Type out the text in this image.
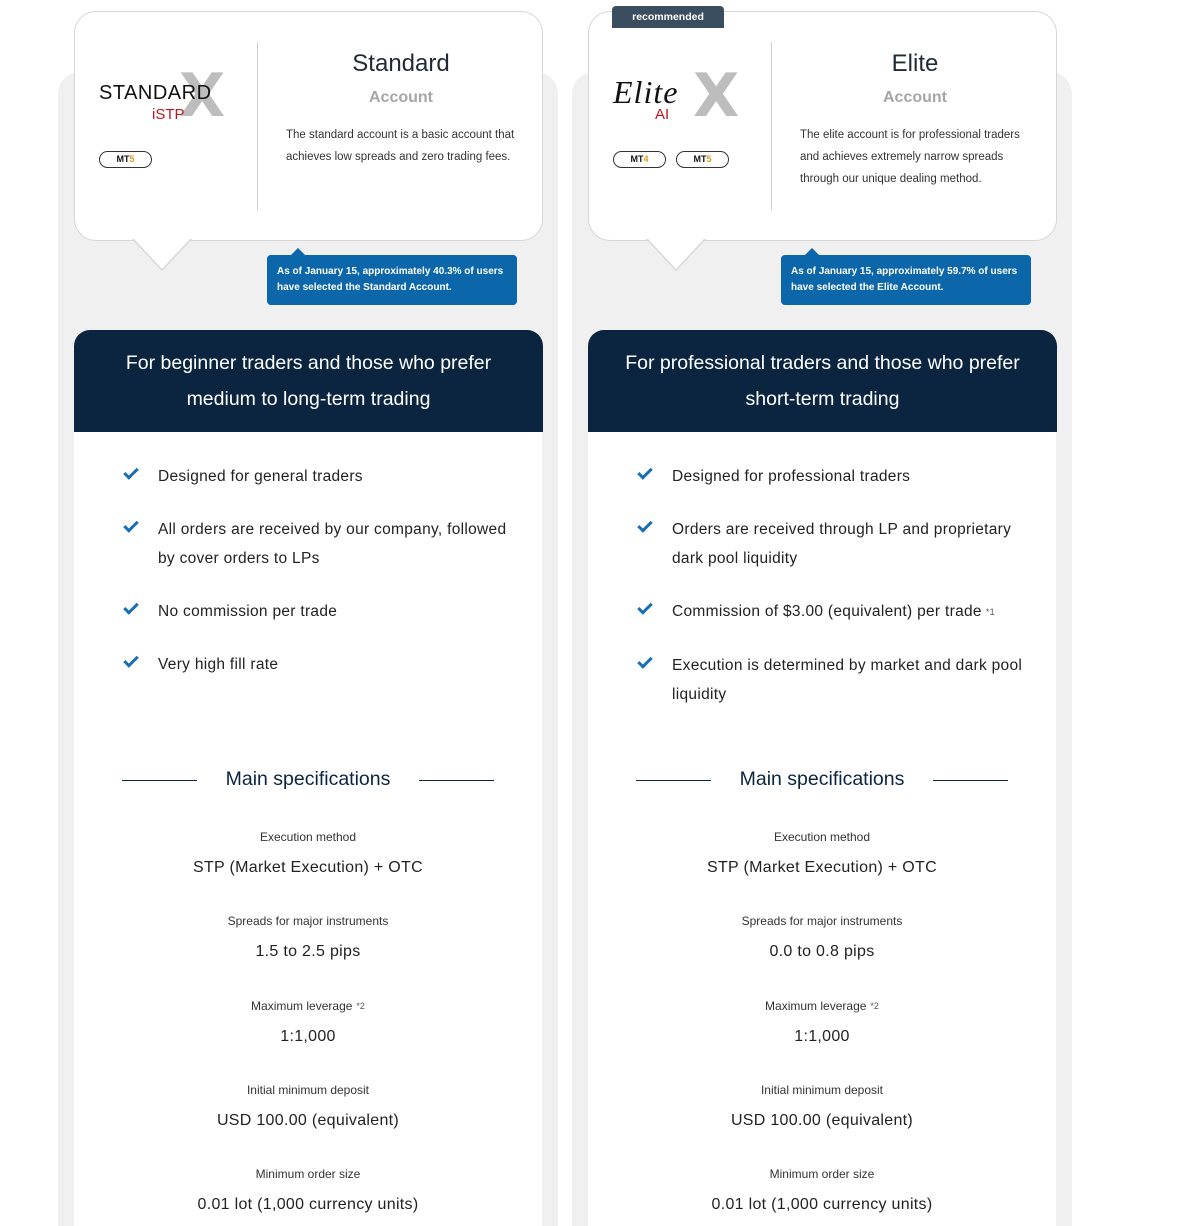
X
STANDARD
iSTP
MT5
Standard
Account
The standard account is a basic account that achieves low spreads and zero trading fees.
As of January 15, approximately 40.3% of users have selected the Standard Account.
For beginner traders and those who prefer medium to long-term trading
Designed for general traders
All orders are received by our company, followed by cover orders to LPs
No commission per trade
Very high fill rate
Main specifications
Execution method
STP (Market Execution) + OTC
Spreads for major instruments
1.5 to 2.5 pips
Maximum leverage *2
1:1,000
Initial minimum deposit
USD 100.00 (equivalent)
Minimum order size
0.01 lot (1,000 currency units)
recommended
X
Elite
AI
MT4	MT5
Elite
Account
The elite account is for professional traders and achieves extremely narrow spreads through our unique dealing method.
As of January 15, approximately 59.7% of users have selected the Elite Account.
For professional traders and those who prefer short-term trading
Designed for professional traders
Orders are received through LP and proprietary dark pool liquidity
Commission of $3.00 (equivalent) per trade *1
Execution is determined by market and dark pool liquidity
Main specifications
Execution method
STP (Market Execution) + OTC
Spreads for major instruments
0.0 to 0.8 pips
Maximum leverage *2
1:1,000
Initial minimum deposit
USD 100.00 (equivalent)
Minimum order size
0.01 lot (1,000 currency units)
